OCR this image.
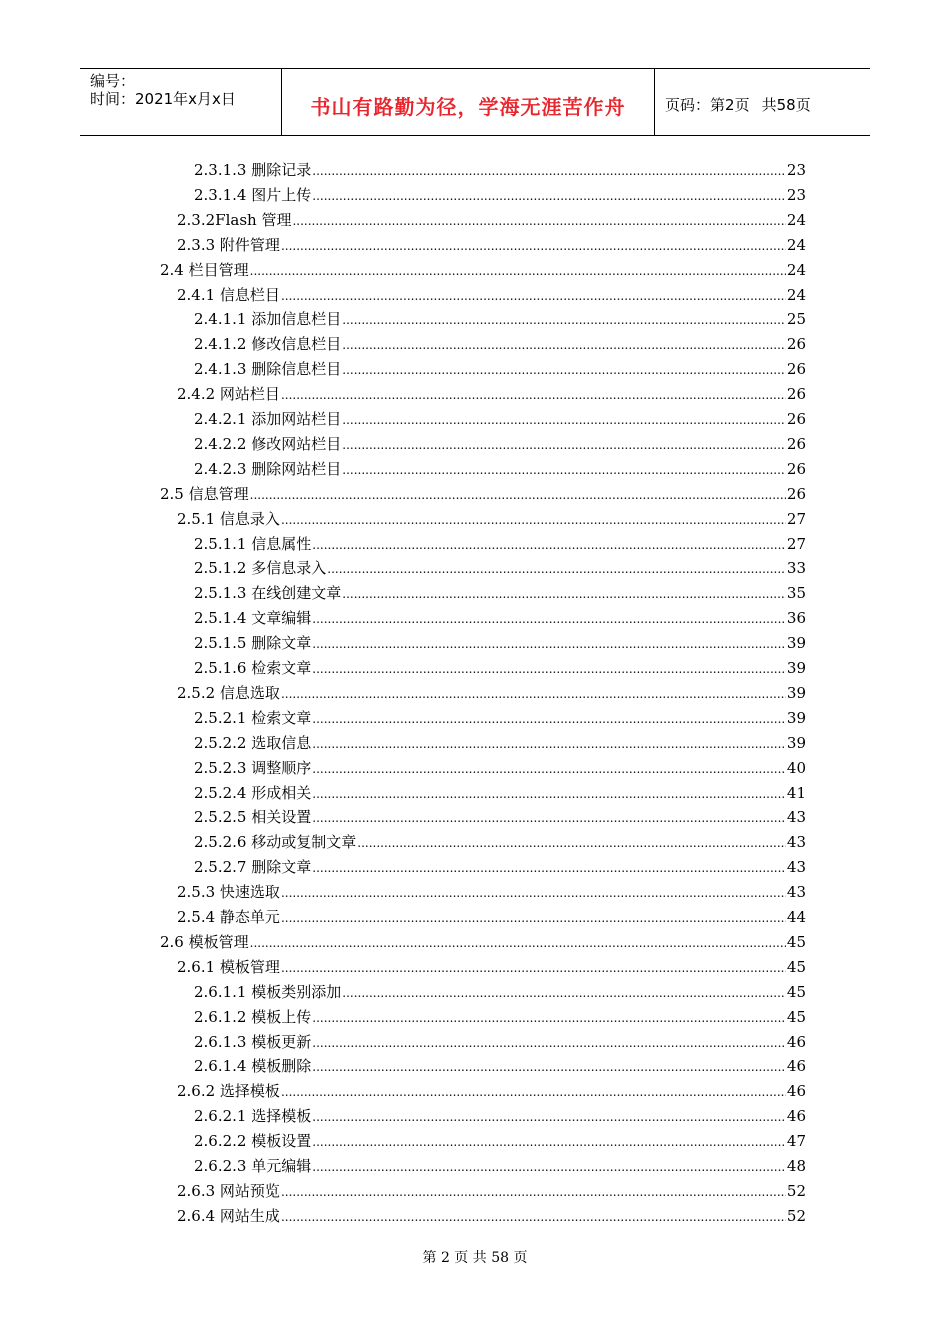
编号：
时间：2021年x月x日	书山有路勤为径，学海无涯苦作舟	页码：第2页 共58页
2.3.1.3 删除记录 .....	23
2.3.1.4 图片上传 .....	23
2.3.2Flash 管理 .....	24
2.3.3 附件管理 .....	24
2.4 栏目管理 .....	24
2.4.1 信息栏目 .....	24
2.4.1.1 添加信息栏目 .....	25
2.4.1.2 修改信息栏目 .....	26
2.4.1.3 删除信息栏目 .....	26
2.4.2 网站栏目 .....	26
2.4.2.1 添加网站栏目 .....	26
2.4.2.2 修改网站栏目 .....	26
2.4.2.3 删除网站栏目 .....	26
2.5 信息管理 .....	26
2.5.1 信息录入 .....	27
2.5.1.1 信息属性 .....	27
2.5.1.2 多信息录入 .....	33
2.5.1.3 在线创建文章 .....	35
2.5.1.4 文章编辑 .....	36
2.5.1.5 删除文章 .....	39
2.5.1.6 检索文章 .....	39
2.5.2 信息选取 .....	39
2.5.2.1 检索文章 .....	39
2.5.2.2 选取信息 .....	39
2.5.2.3 调整顺序 .....	40
2.5.2.4 形成相关 .....	41
2.5.2.5 相关设置 .....	43
2.5.2.6 移动或复制文章 .....	43
2.5.2.7 删除文章 .....	43
2.5.3 快速选取 .....	43
2.5.4 静态单元 .....	44
2.6 模板管理 .....	45
2.6.1 模板管理 .....	45
2.6.1.1 模板类别添加 .....	45
2.6.1.2 模板上传 .....	45
2.6.1.3 模板更新 .....	46
2.6.1.4 模板删除 .....	46
2.6.2 选择模板 .....	46
2.6.2.1 选择模板 .....	46
2.6.2.2 模板设置 .....	47
2.6.2.3 单元编辑 .....	48
2.6.3 网站预览 .....	52
2.6.4 网站生成 .....	52
第 2 页 共 58 页
